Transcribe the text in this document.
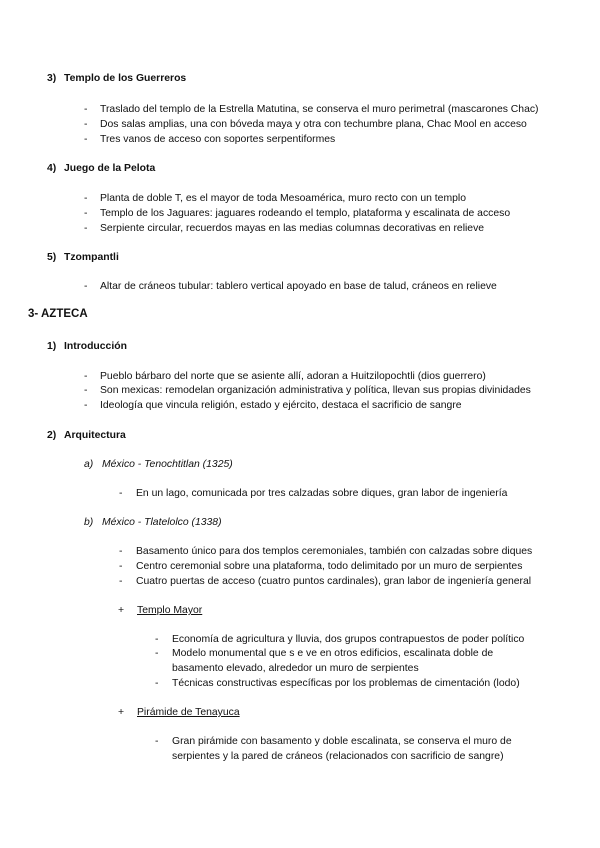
3) Templo de los Guerreros
-	Traslado del templo de la Estrella Matutina, se conserva el muro perimetral (mascarones Chac)
-	Dos salas amplias, una con bóveda maya y otra con techumbre plana, Chac Mool en acceso
-	Tres vanos de acceso con soportes serpentiformes
4) Juego de la Pelota
-	Planta de doble T, es el mayor de toda Mesoamérica, muro recto con un templo
-	Templo de los Jaguares: jaguares rodeando el templo, plataforma y escalinata de acceso
-	Serpiente circular, recuerdos mayas en las medias columnas decorativas en relieve
5) Tzompantli
-	Altar de cráneos tubular: tablero vertical apoyado en base de talud, cráneos en relieve
3- AZTECA
1) Introducción
-	Pueblo bárbaro del norte que se asiente allí, adoran a Huitzilopochtli (dios guerrero)
-	Son mexicas: remodelan organización administrativa y política, llevan sus propias divinidades
-	Ideología que vincula religión, estado y ejército, destaca el sacrificio de sangre
2) Arquitectura
a) México - Tenochtitlan (1325)
-	En un lago, comunicada por tres calzadas sobre diques, gran labor de ingeniería
b) México - Tlatelolco (1338)
-	Basamento único para dos templos ceremoniales, también con calzadas sobre diques
-	Centro ceremonial sobre una plataforma, todo delimitado por un muro de serpientes
-	Cuatro puertas de acceso (cuatro puntos cardinales), gran labor de ingeniería general
+ Templo Mayor
-	Economía de agricultura y lluvia, dos grupos contrapuestos de poder político
-	Modelo monumental que s e ve en otros edificios, escalinata doble de
basamento elevado, alrededor un muro de serpientes
-	Técnicas constructivas específicas por los problemas de cimentación (lodo)
+ Pirámide de Tenayuca
-	Gran pirámide con basamento y doble escalinata, se conserva el muro de
serpientes y la pared de cráneos (relacionados con sacrificio de sangre)
